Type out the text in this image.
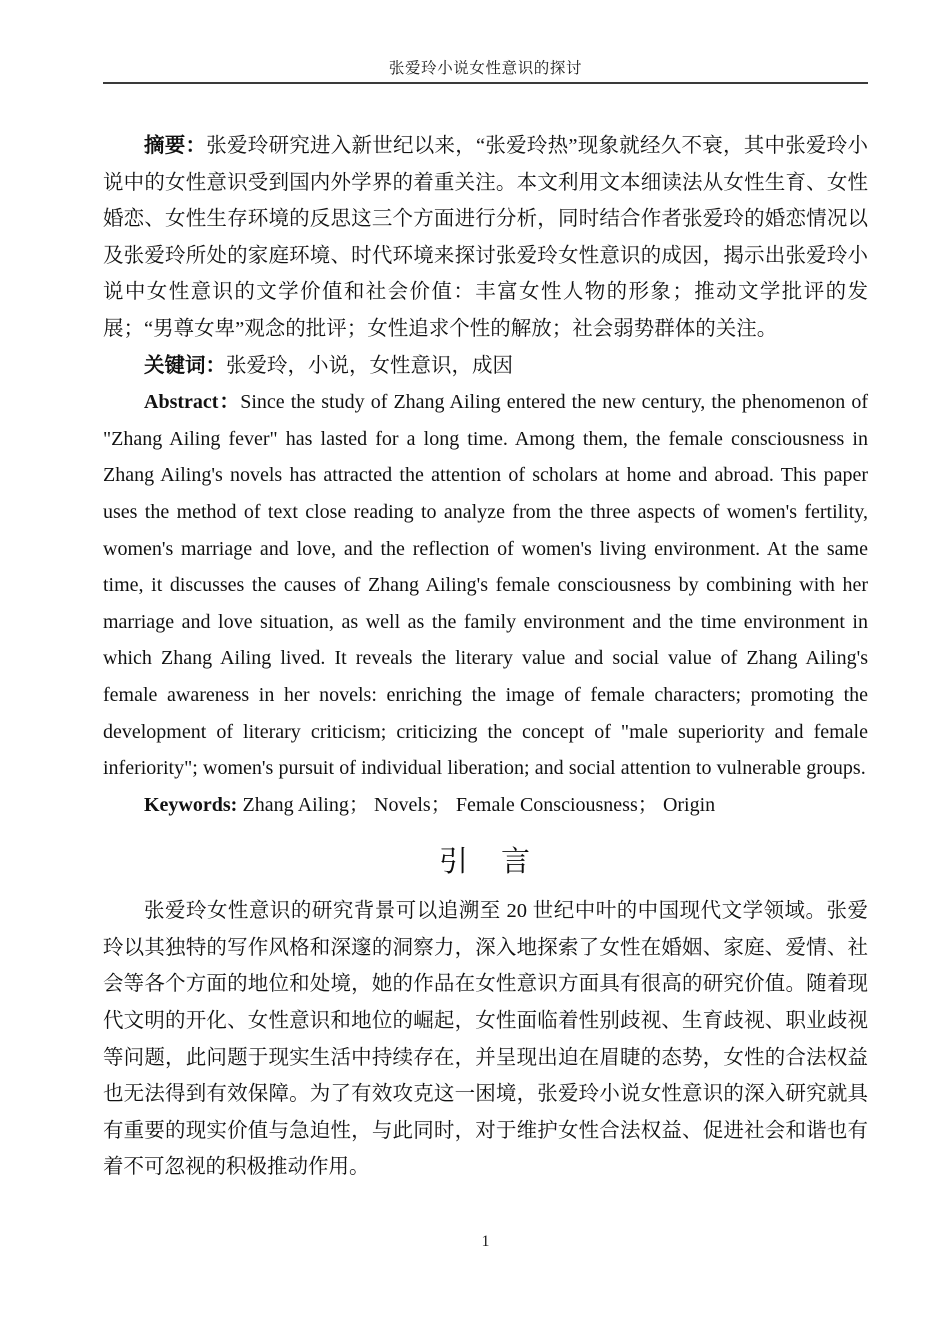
张爱玲小说女性意识的探讨

摘要：张爱玲研究进入新世纪以来，“张爱玲热”现象就经久不衰，其中张爱玲小说中的女性意识受到国内外学界的着重关注。本文利用文本细读法从女性生育、女性婚恋、女性生存环境的反思这三个方面进行分析，同时结合作者张爱玲的婚恋情况以及张爱玲所处的家庭环境、时代环境来探讨张爱玲女性意识的成因，揭示出张爱玲小说中女性意识的文学价值和社会价值：丰富女性人物的形象；推动文学批评的发展；“男尊女卑”观念的批评；女性追求个性的解放；社会弱势群体的关注。

关键词：张爱玲，小说，女性意识，成因

Abstract：Since the study of Zhang Ailing entered the new century, the phenomenon of "Zhang Ailing fever" has lasted for a long time. Among them, the female consciousness in Zhang Ailing's novels has attracted the attention of scholars at home and abroad. This paper uses the method of text close reading to analyze from the three aspects of women's fertility, women's marriage and love, and the reflection of women's living environment. At the same time, it discusses the causes of Zhang Ailing's female consciousness by combining with her marriage and love situation, as well as the family environment and the time environment in which Zhang Ailing lived. It reveals the literary value and social value of Zhang Ailing's female awareness in her novels: enriching the image of female characters; promoting the development of literary criticism; criticizing the concept of "male superiority and female inferiority"; women's pursuit of individual liberation; and social attention to vulnerable groups.

Keywords: Zhang Ailing； Novels； Female Consciousness； Origin

引　言

张爱玲女性意识的研究背景可以追溯至 20 世纪中叶的中国现代文学领域。张爱玲以其独特的写作风格和深邃的洞察力，深入地探索了女性在婚姻、家庭、爱情、社会等各个方面的地位和处境，她的作品在女性意识方面具有很高的研究价值。随着现代文明的开化、女性意识和地位的崛起，女性面临着性别歧视、生育歧视、职业歧视等问题，此问题于现实生活中持续存在，并呈现出迫在眉睫的态势，女性的合法权益也无法得到有效保障。为了有效攻克这一困境，张爱玲小说女性意识的深入研究就具有重要的现实价值与急迫性，与此同时，对于维护女性合法权益、促进社会和谐也有着不可忽视的积极推动作用。

1
